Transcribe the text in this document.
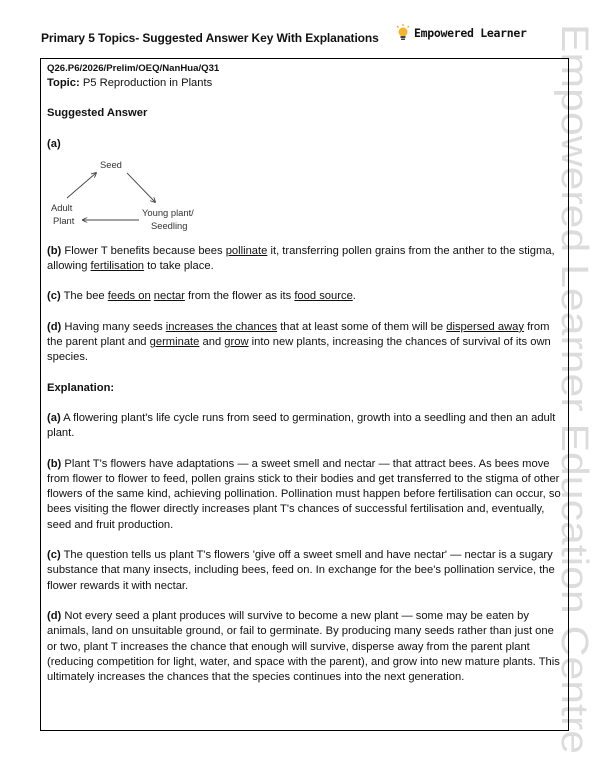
Primary 5 Topics- Suggested Answer Key With Explanations	Empowered Learner Empowered Learner Education Centre
Q26.P6/2026/Prelim/OEQ/NanHua/Q31
Topic: P5 Reproduction in Plants
Suggested Answer
(a)
Seed
Adult
Plant
Young plant/
Seedling
(b) Flower T benefits because bees pollinate it, transferring pollen grains from the anther to the stigma, allowing fertilisation to take place.
(c) The bee feeds on nectar from the flower as its food source.
(d) Having many seeds increases the chances that at least some of them will be dispersed away from the parent plant and germinate and grow into new plants, increasing the chances of survival of its own species.
Explanation:
(a) A flowering plant's life cycle runs from seed to germination, growth into a seedling and then an adult plant.
(b) Plant T's flowers have adaptations — a sweet smell and nectar — that attract bees. As bees move from flower to flower to feed, pollen grains stick to their bodies and get transferred to the stigma of other flowers of the same kind, achieving pollination. Pollination must happen before fertilisation can occur, so bees visiting the flower directly increases plant T's chances of successful fertilisation and, eventually, seed and fruit production.
(c) The question tells us plant T's flowers 'give off a sweet smell and have nectar' — nectar is a sugary substance that many insects, including bees, feed on. In exchange for the bee's pollination service, the flower rewards it with nectar.
(d) Not every seed a plant produces will survive to become a new plant — some may be eaten by animals, land on unsuitable ground, or fail to germinate. By producing many seeds rather than just one or two, plant T increases the chance that enough will survive, disperse away from the parent plant (reducing competition for light, water, and space with the parent), and grow into new mature plants. This ultimately increases the chances that the species continues into the next generation.
